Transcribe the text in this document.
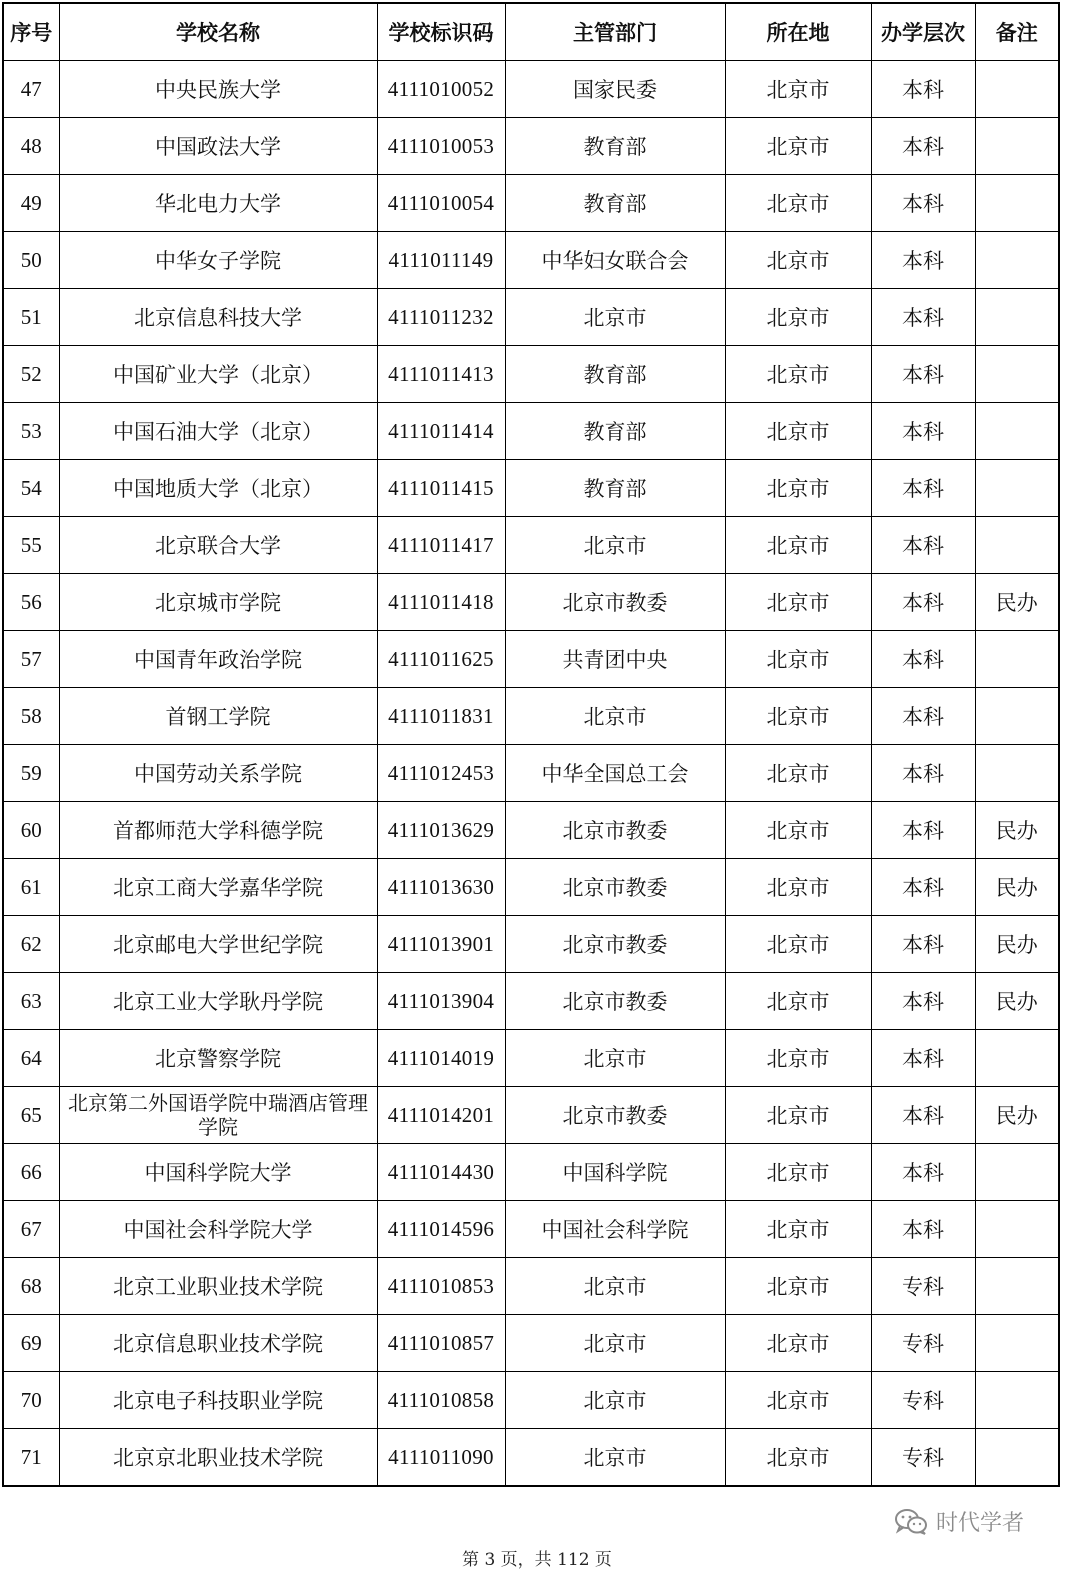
序号	学校名称	学校标识码	主管部门	所在地	办学层次	备注
47	中央民族大学	4111010052	国家民委	北京市	本科	
48	中国政法大学	4111010053	教育部	北京市	本科	
49	华北电力大学	4111010054	教育部	北京市	本科	
50	中华女子学院	4111011149	中华妇女联合会	北京市	本科	
51	北京信息科技大学	4111011232	北京市	北京市	本科	
52	中国矿业大学（北京）	4111011413	教育部	北京市	本科	
53	中国石油大学（北京）	4111011414	教育部	北京市	本科	
54	中国地质大学（北京）	4111011415	教育部	北京市	本科	
55	北京联合大学	4111011417	北京市	北京市	本科	
56	北京城市学院	4111011418	北京市教委	北京市	本科	民办
57	中国青年政治学院	4111011625	共青团中央	北京市	本科	
58	首钢工学院	4111011831	北京市	北京市	本科	
59	中国劳动关系学院	4111012453	中华全国总工会	北京市	本科	
60	首都师范大学科德学院	4111013629	北京市教委	北京市	本科	民办
61	北京工商大学嘉华学院	4111013630	北京市教委	北京市	本科	民办
62	北京邮电大学世纪学院	4111013901	北京市教委	北京市	本科	民办
63	北京工业大学耿丹学院	4111013904	北京市教委	北京市	本科	民办
64	北京警察学院	4111014019	北京市	北京市	本科	
65	北京第二外国语学院中瑞酒店管理学院	4111014201	北京市教委	北京市	本科	民办
66	中国科学院大学	4111014430	中国科学院	北京市	本科	
67	中国社会科学院大学	4111014596	中国社会科学院	北京市	本科	
68	北京工业职业技术学院	4111010853	北京市	北京市	专科	
69	北京信息职业技术学院	4111010857	北京市	北京市	专科	
70	北京电子科技职业学院	4111010858	北京市	北京市	专科	
71	北京京北职业技术学院	4111011090	北京市	北京市	专科	
时代学者
第 3 页，共 112 页
